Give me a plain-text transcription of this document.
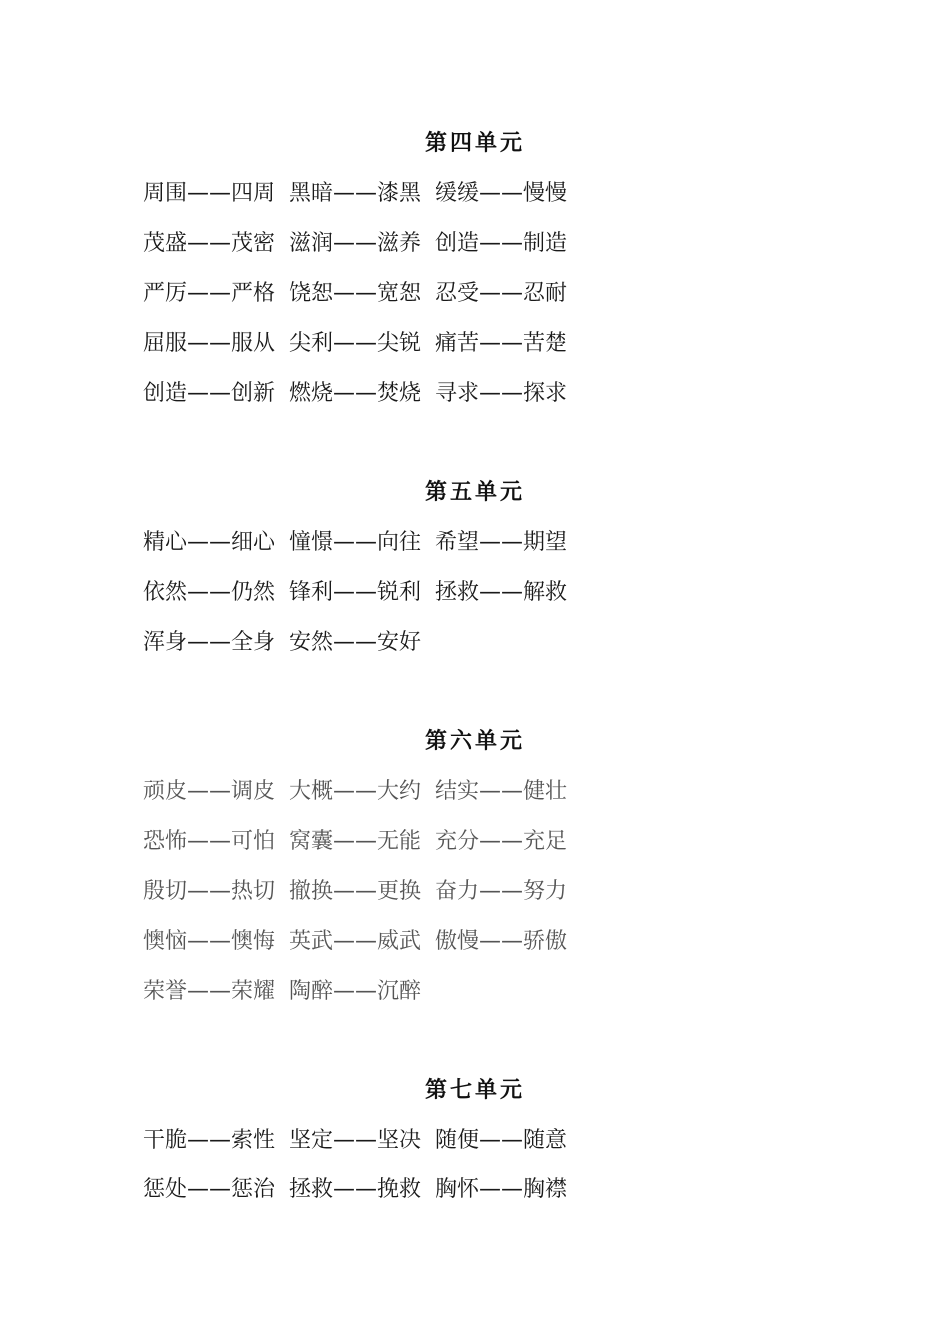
第四单元
周围——四周  黑暗——漆黑  缓缓——慢慢
茂盛——茂密  滋润——滋养  创造——制造
严厉——严格  饶恕——宽恕  忍受——忍耐
屈服——服从  尖利——尖锐  痛苦——苦楚
创造——创新  燃烧——焚烧  寻求——探求
第五单元
精心——细心  憧憬——向往  希望——期望
依然——仍然  锋利——锐利  拯救——解救
浑身——全身  安然——安好
第六单元
顽皮——调皮  大概——大约  结实——健壮
恐怖——可怕  窝囊——无能  充分——充足
殷切——热切  撤换——更换  奋力——努力
懊恼——懊悔  英武——威武  傲慢——骄傲
荣誉——荣耀  陶醉——沉醉
第七单元
干脆——索性  坚定——坚决  随便——随意
惩处——惩治  拯救——挽救  胸怀——胸襟
